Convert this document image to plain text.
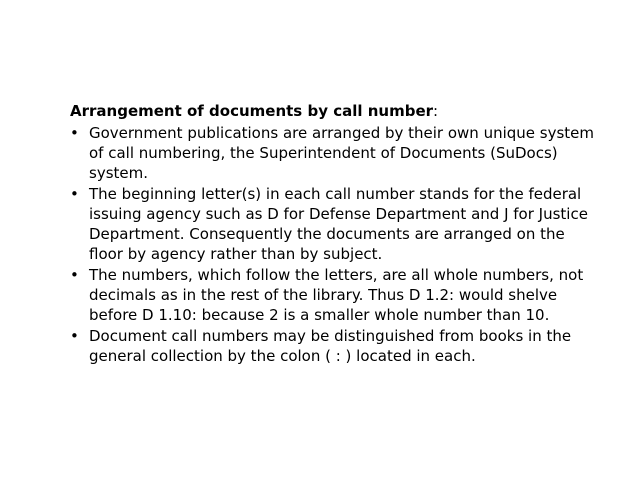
Arrangement of documents by call number:
• Government publications are arranged by their own unique system of call numbering, the Superintendent of Documents (SuDocs) system.
• The beginning letter(s) in each call number stands for the federal issuing agency such as D for Defense Department and J for Justice Department. Consequently the documents are arranged on the floor by agency rather than by subject.
• The numbers, which follow the letters, are all whole numbers, not decimals as in the rest of the library. Thus D 1.2: would shelve before D 1.10: because 2 is a smaller whole number than 10.
• Document call numbers may be distinguished from books in the general collection by the colon ( : ) located in each.
